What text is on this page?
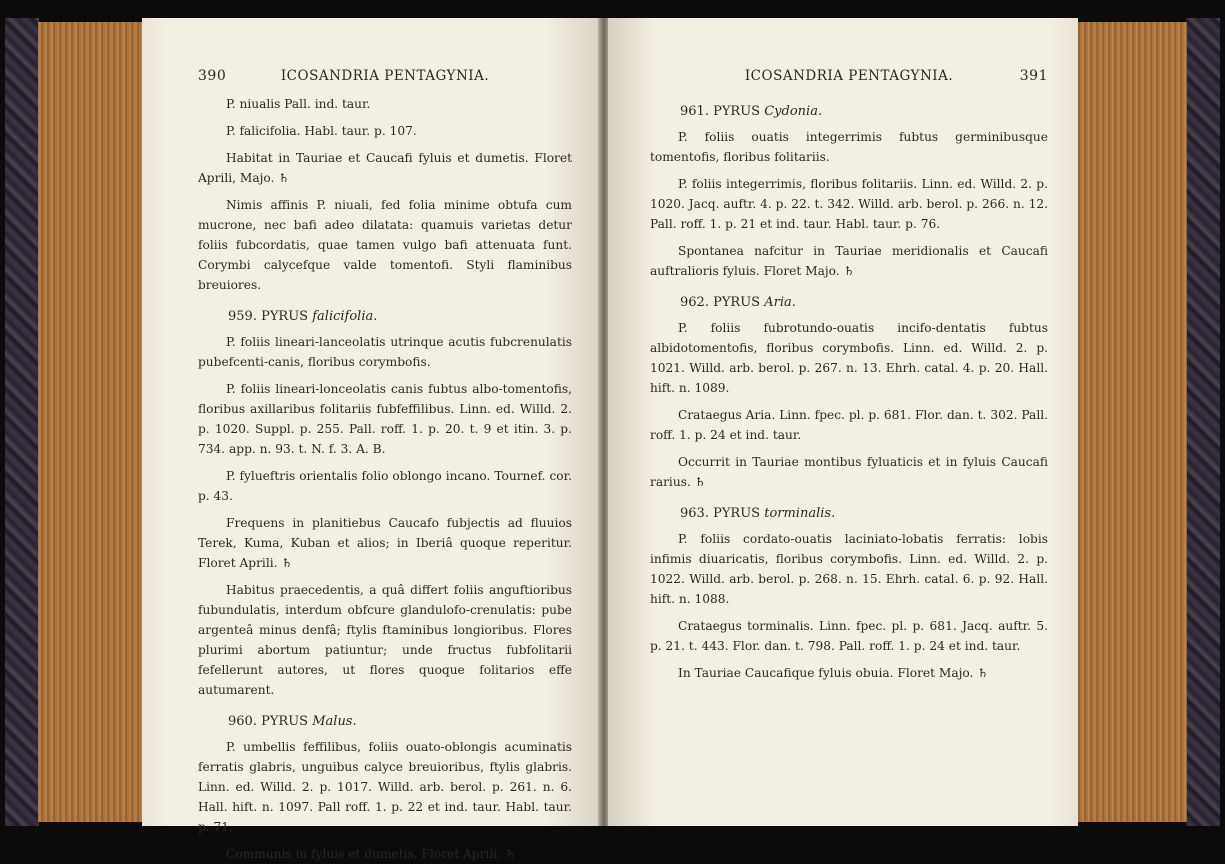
390	ICOSANDRIA PENTAGYNIA.

P. niualis Pall. ind. taur.

P. falicifolia. Habl. taur. p. 107.

Habitat in Tauriae et Caucafi fyluis et dumetis. Floret Aprili, Majo. ♄

Nimis affinis P. niuali, fed folia minime obtufa cum mucrone, nec bafi adeo dilatata: quamuis varietas detur foliis fubcordatis, quae tamen vulgo bafi attenuata funt. Corymbi calycefque valde tomentofi. Styli flaminibus breuiores.

959. PYRUS falicifolia.

P. foliis lineari-lanceolatis utrinque acutis fubcrenulatis pubefcenti-canis, floribus corymbofis.

P. foliis lineari-lonceolatis canis fubtus albo-tomentofis, floribus axillaribus folitariis fubfeffilibus. Linn. ed. Willd. 2. p. 1020. Suppl. p. 255. Pall. roff. 1. p. 20. t. 9 et itin. 3. p. 734. app. n. 93. t. N. f. 3. A. B.

P. fylueftris orientalis folio oblongo incano. Tournef. cor. p. 43.

Frequens in planitiebus Caucafo fubjectis ad fluuios Terek, Kuma, Kuban et alios; in Iberiâ quoque reperitur. Floret Aprili. ♄

Habitus praecedentis, a quâ differt foliis anguftioribus fubundulatis, interdum obfcure glandulofo-crenulatis: pube argenteâ minus denfâ; ftylis ftaminibus longioribus. Flores plurimi abortum patiuntur; unde fructus fubfolitarii fefellerunt autores, ut flores quoque folitarios effe autumarent.

960. PYRUS Malus.

P. umbellis feffilibus, foliis ouato-oblongis acuminatis ferratis glabris, unguibus calyce breuioribus, ftylis glabris. Linn. ed. Willd. 2. p. 1017. Willd. arb. berol. p. 261. n. 6. Hall. hift. n. 1097. Pall roff. 1. p. 22 et ind. taur. Habl. taur. p. 71.

Communis in fyluis et dumetis, Floret Aprili. ♄

ICOSANDRIA PENTAGYNIA.	391
961. PYRUS Cydonia.

P. foliis ouatis integerrimis fubtus germinibusque tomentofis, floribus folitariis.

P. foliis integerrimis, floribus folitariis. Linn. ed. Willd. 2. p. 1020. Jacq. auftr. 4. p. 22. t. 342. Willd. arb. berol. p. 266. n. 12. Pall. roff. 1. p. 21 et ind. taur. Habl. taur. p. 76.

Spontanea nafcitur in Tauriae meridionalis et Caucafi auftralioris fyluis. Floret Majo. ♄

962. PYRUS Aria.

P. foliis fubrotundo-ouatis incifo-dentatis fubtus albidotomentofis, floribus corymbofis. Linn. ed. Willd. 2. p. 1021. Willd. arb. berol. p. 267. n. 13. Ehrh. catal. 4. p. 20. Hall. hift. n. 1089.

Crataegus Aria. Linn. fpec. pl. p. 681. Flor. dan. t. 302. Pall. roff. 1. p. 24 et ind. taur.

Occurrit in Tauriae montibus fyluaticis et in fyluis Caucafi rarius. ♄

963. PYRUS torminalis.

P. foliis cordato-ouatis laciniato-lobatis ferratis: lobis infimis diuaricatis, floribus corymbofis. Linn. ed. Willd. 2. p. 1022. Willd. arb. berol. p. 268. n. 15. Ehrh. catal. 6. p. 92. Hall. hift. n. 1088.

Crataegus torminalis. Linn. fpec. pl. p. 681. Jacq. auftr. 5. p. 21. t. 443. Flor. dan. t. 798. Pall. roff. 1. p. 24 et ind. taur.

In Tauriae Caucafique fyluis obuia. Floret Majo. ♄
